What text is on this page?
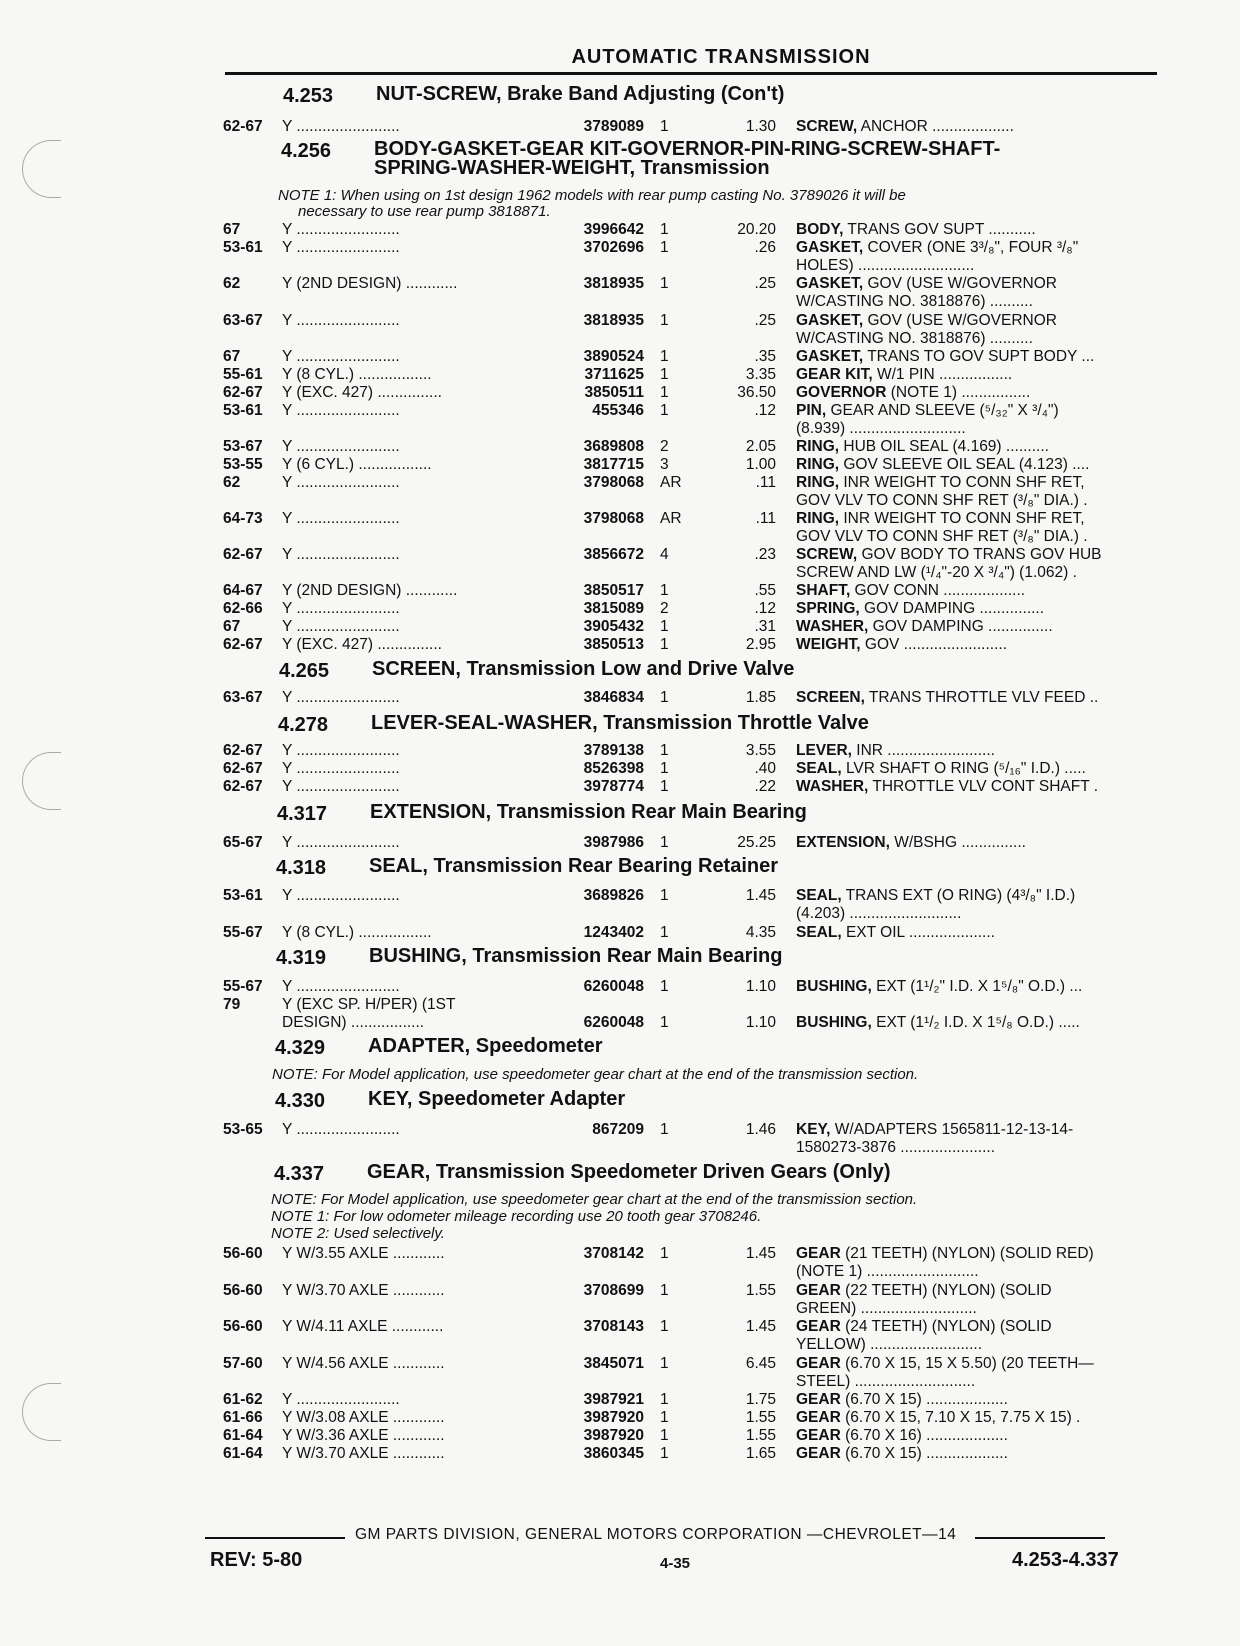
AUTOMATIC TRANSMISSION
4.253 NUT-SCREW, Brake Band Adjusting (Con't)
62-67 Y ........................	3789089 1	1.30 SCREW, ANCHOR ...................
4.256 BODY-GASKET-GEAR KIT-GOVERNOR-PIN-RING-SCREW-SHAFT-
SPRING-WASHER-WEIGHT, Transmission
NOTE 1: When using on 1st design 1962 models with rear pump casting No. 3789026 it will be
necessary to use rear pump 3818871.
67	Y ........................	3996642 1	20.20 BODY, TRANS GOV SUPT ...........
53-61 Y ........................	3702696 1	.26 GASKET, COVER (ONE 3³/₈", FOUR ³/₈"
HOLES) ...........................
62	Y (2ND DESIGN) ............	3818935 1	.25 GASKET, GOV (USE W/GOVERNOR
W/CASTING NO. 3818876) ..........
63-67 Y ........................	3818935 1	.25 GASKET, GOV (USE W/GOVERNOR
W/CASTING NO. 3818876) ..........
67	Y ........................	3890524 1	.35 GASKET, TRANS TO GOV SUPT BODY ...
55-61 Y (8 CYL.) .................	3711625 1	3.35 GEAR KIT, W/1 PIN .................
62-67 Y (EXC. 427) ...............	3850511 1	36.50 GOVERNOR (NOTE 1) ................
53-61 Y ........................	455346 1	.12 PIN, GEAR AND SLEEVE (⁵/₃₂" X ³/₄")
(8.939) ...........................
53-67 Y ........................	3689808 2	2.05 RING, HUB OIL SEAL (4.169) ..........
53-55 Y (6 CYL.) .................	3817715 3	1.00 RING, GOV SLEEVE OIL SEAL (4.123) ....
62	Y ........................	3798068 AR	.11 RING, INR WEIGHT TO CONN SHF RET,
GOV VLV TO CONN SHF RET (³/₈" DIA.) .
64-73 Y ........................	3798068 AR	.11 RING, INR WEIGHT TO CONN SHF RET,
GOV VLV TO CONN SHF RET (³/₈" DIA.) .
62-67 Y ........................	3856672 4	.23 SCREW, GOV BODY TO TRANS GOV HUB
SCREW AND LW (¹/₄"-20 X ³/₄") (1.062) .
64-67 Y (2ND DESIGN) ............	3850517 1	.55 SHAFT, GOV CONN ...................
62-66 Y ........................	3815089 2	.12 SPRING, GOV DAMPING ...............
67	Y ........................	3905432 1	.31 WASHER, GOV DAMPING ...............
62-67 Y (EXC. 427) ...............	3850513 1	2.95 WEIGHT, GOV ........................
4.265 SCREEN, Transmission Low and Drive Valve
63-67 Y ........................	3846834 1	1.85 SCREEN, TRANS THROTTLE VLV FEED ..
4.278 LEVER-SEAL-WASHER, Transmission Throttle Valve
62-67 Y ........................	3789138 1	3.55 LEVER, INR .........................
62-67 Y ........................	8526398 1	.40 SEAL, LVR SHAFT O RING (⁵/₁₆" I.D.) .....
62-67 Y ........................	3978774 1	.22 WASHER, THROTTLE VLV CONT SHAFT .
4.317 EXTENSION, Transmission Rear Main Bearing
65-67 Y ........................	3987986 1	25.25 EXTENSION, W/BSHG ...............
4.318 SEAL, Transmission Rear Bearing Retainer
53-61 Y ........................	3689826 1	1.45 SEAL, TRANS EXT (O RING) (4³/₈" I.D.)
(4.203) ..........................
55-67 Y (8 CYL.) .................	1243402 1	4.35 SEAL, EXT OIL ....................
4.319 BUSHING, Transmission Rear Main Bearing
55-67 Y ........................	6260048 1	1.10 BUSHING, EXT (1¹/₂" I.D. X 1⁵/₈" O.D.) ...
79	Y (EXC SP. H/PER) (1ST
DESIGN) .................	6260048 1	1.10 BUSHING, EXT (1¹/₂ I.D. X 1⁵/₈ O.D.) .....
4.329 ADAPTER, Speedometer
NOTE: For Model application, use speedometer gear chart at the end of the transmission section.
4.330 KEY, Speedometer Adapter
53-65 Y ........................	867209 1	1.46 KEY, W/ADAPTERS 1565811-12-13-14-
1580273-3876 ......................
4.337 GEAR, Transmission Speedometer Driven Gears (Only)
NOTE: For Model application, use speedometer gear chart at the end of the transmission section.
NOTE 1: For low odometer mileage recording use 20 tooth gear 3708246.
NOTE 2: Used selectively.
56-60 Y W/3.55 AXLE ............	3708142 1	1.45 GEAR (21 TEETH) (NYLON) (SOLID RED)
(NOTE 1) ..........................
56-60 Y W/3.70 AXLE ............	3708699 1	1.55 GEAR (22 TEETH) (NYLON) (SOLID
GREEN) ...........................
56-60 Y W/4.11 AXLE ............	3708143 1	1.45 GEAR (24 TEETH) (NYLON) (SOLID
YELLOW) ..........................
57-60 Y W/4.56 AXLE ............	3845071 1	6.45 GEAR (6.70 X 15, 15 X 5.50) (20 TEETH—
STEEL) ............................
61-62 Y ........................	3987921 1	1.75 GEAR (6.70 X 15) ...................
61-66 Y W/3.08 AXLE ............	3987920 1	1.55 GEAR (6.70 X 15, 7.10 X 15, 7.75 X 15) .
61-64 Y W/3.36 AXLE ............	3987920 1	1.55 GEAR (6.70 X 16) ...................
61-64 Y W/3.70 AXLE ............	3860345 1	1.65 GEAR (6.70 X 15) ...................
GM PARTS DIVISION, GENERAL MOTORS CORPORATION —CHEVROLET—14
REV: 5-80	4-35	4.253-4.337
